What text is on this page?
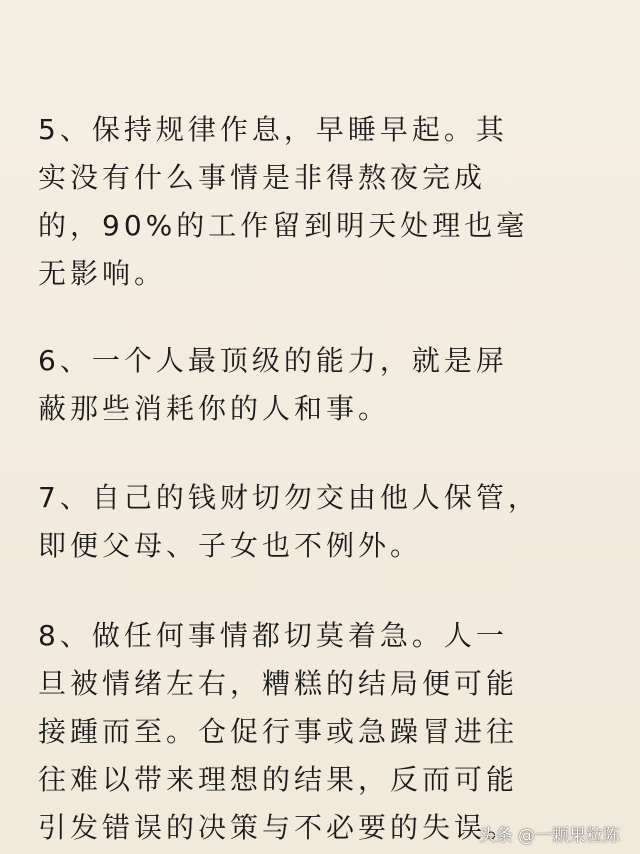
5、保持规律作息，早睡早起。其
实没有什么事情是非得熬夜完成
的，90%的工作留到明天处理也毫
无影响。
6、一个人最顶级的能力，就是屏
蔽那些消耗你的人和事。
7、自己的钱财切勿交由他人保管，
即便父母、子女也不例外。
8、做任何事情都切莫着急。人一
旦被情绪左右，糟糕的结局便可能
接踵而至。仓促行事或急躁冒进往
往难以带来理想的结果，反而可能
引发错误的决策与不必要的失误。
头条 @一颗果粒陈
